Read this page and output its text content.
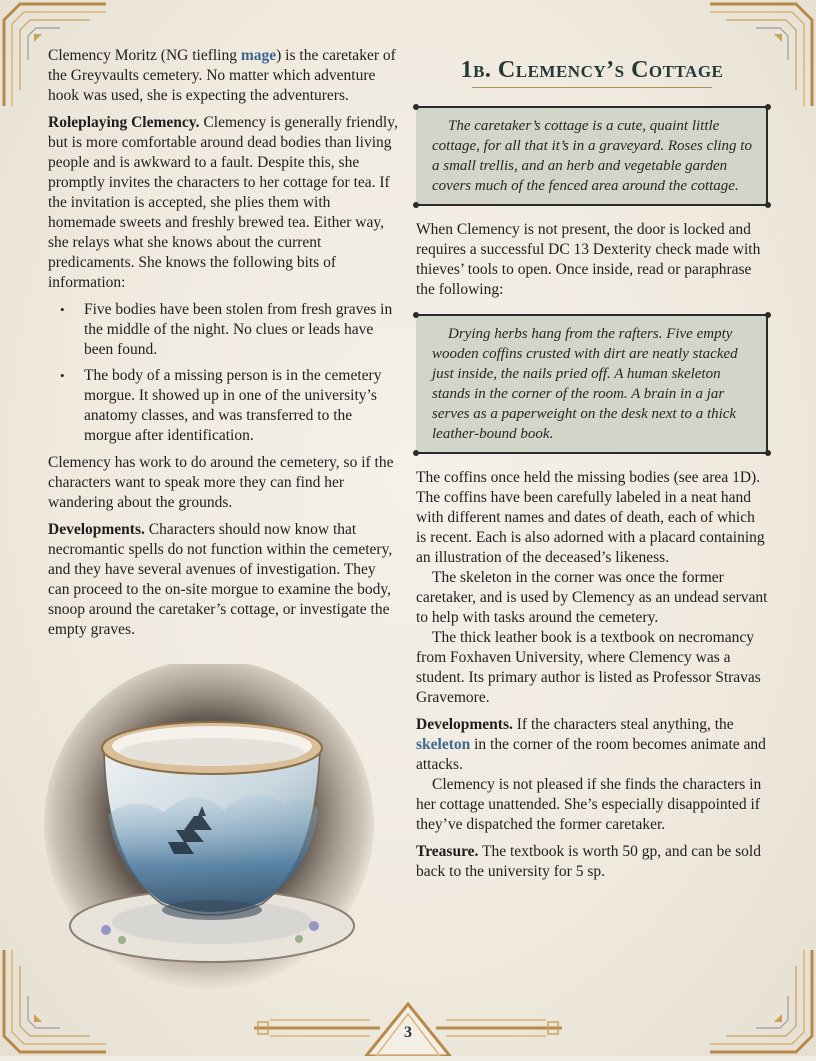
Clemency Moritz (NG tiefling mage) is the caretaker of the Greyvaults cemetery. No matter which adventure hook was used, she is expecting the adventurers.

Roleplaying Clemency. Clemency is generally friendly, but is more comfortable around dead bodies than living people and is awkward to a fault. Despite this, she promptly invites the characters to her cottage for tea. If the invitation is accepted, she plies them with homemade sweets and freshly brewed tea. Either way, she relays what she knows about the current predicaments. She knows the following bits of information:

• Five bodies have been stolen from fresh graves in the middle of the night. No clues or leads have been found.
• The body of a missing person is in the cemetery morgue. It showed up in one of the university’s anatomy classes, and was transferred to the morgue after identification.

Clemency has work to do around the cemetery, so if the characters want to speak more they can find her wandering about the grounds.

Developments. Characters should now know that necromantic spells do not function within the cemetery, and they have several avenues of investigation. They can proceed to the on-site morgue to examine the body, snoop around the caretaker’s cottage, or investigate the empty graves.

1b. Clemency’s Cottage

The caretaker’s cottage is a cute, quaint little cottage, for all that it’s in a graveyard. Roses cling to a small trellis, and an herb and vegetable garden covers much of the fenced area around the cottage.

When Clemency is not present, the door is locked and requires a successful DC 13 Dexterity check made with thieves’ tools to open. Once inside, read or paraphrase the following:

Drying herbs hang from the rafters. Five empty wooden coffins crusted with dirt are neatly stacked just inside, the nails pried off. A human skeleton stands in the corner of the room. A brain in a jar serves as a paperweight on the desk next to a thick leather-bound book.

The coffins once held the missing bodies (see area 1D). The coffins have been carefully labeled in a neat hand with different names and dates of death, each of which is recent. Each is also adorned with a placard containing an illustration of the deceased’s likeness.

The skeleton in the corner was once the former caretaker, and is used by Clemency as an undead servant to help with tasks around the cemetery.

The thick leather book is a textbook on necromancy from Foxhaven University, where Clemency was a student. Its primary author is listed as Professor Stravas Gravemore.

Developments. If the characters steal anything, the skeleton in the corner of the room becomes animate and attacks.

Clemency is not pleased if she finds the characters in her cottage unattended. She’s especially disappointed if they’ve dispatched the former caretaker.

Treasure. The textbook is worth 50 gp, and can be sold back to the university for 5 sp.

3
